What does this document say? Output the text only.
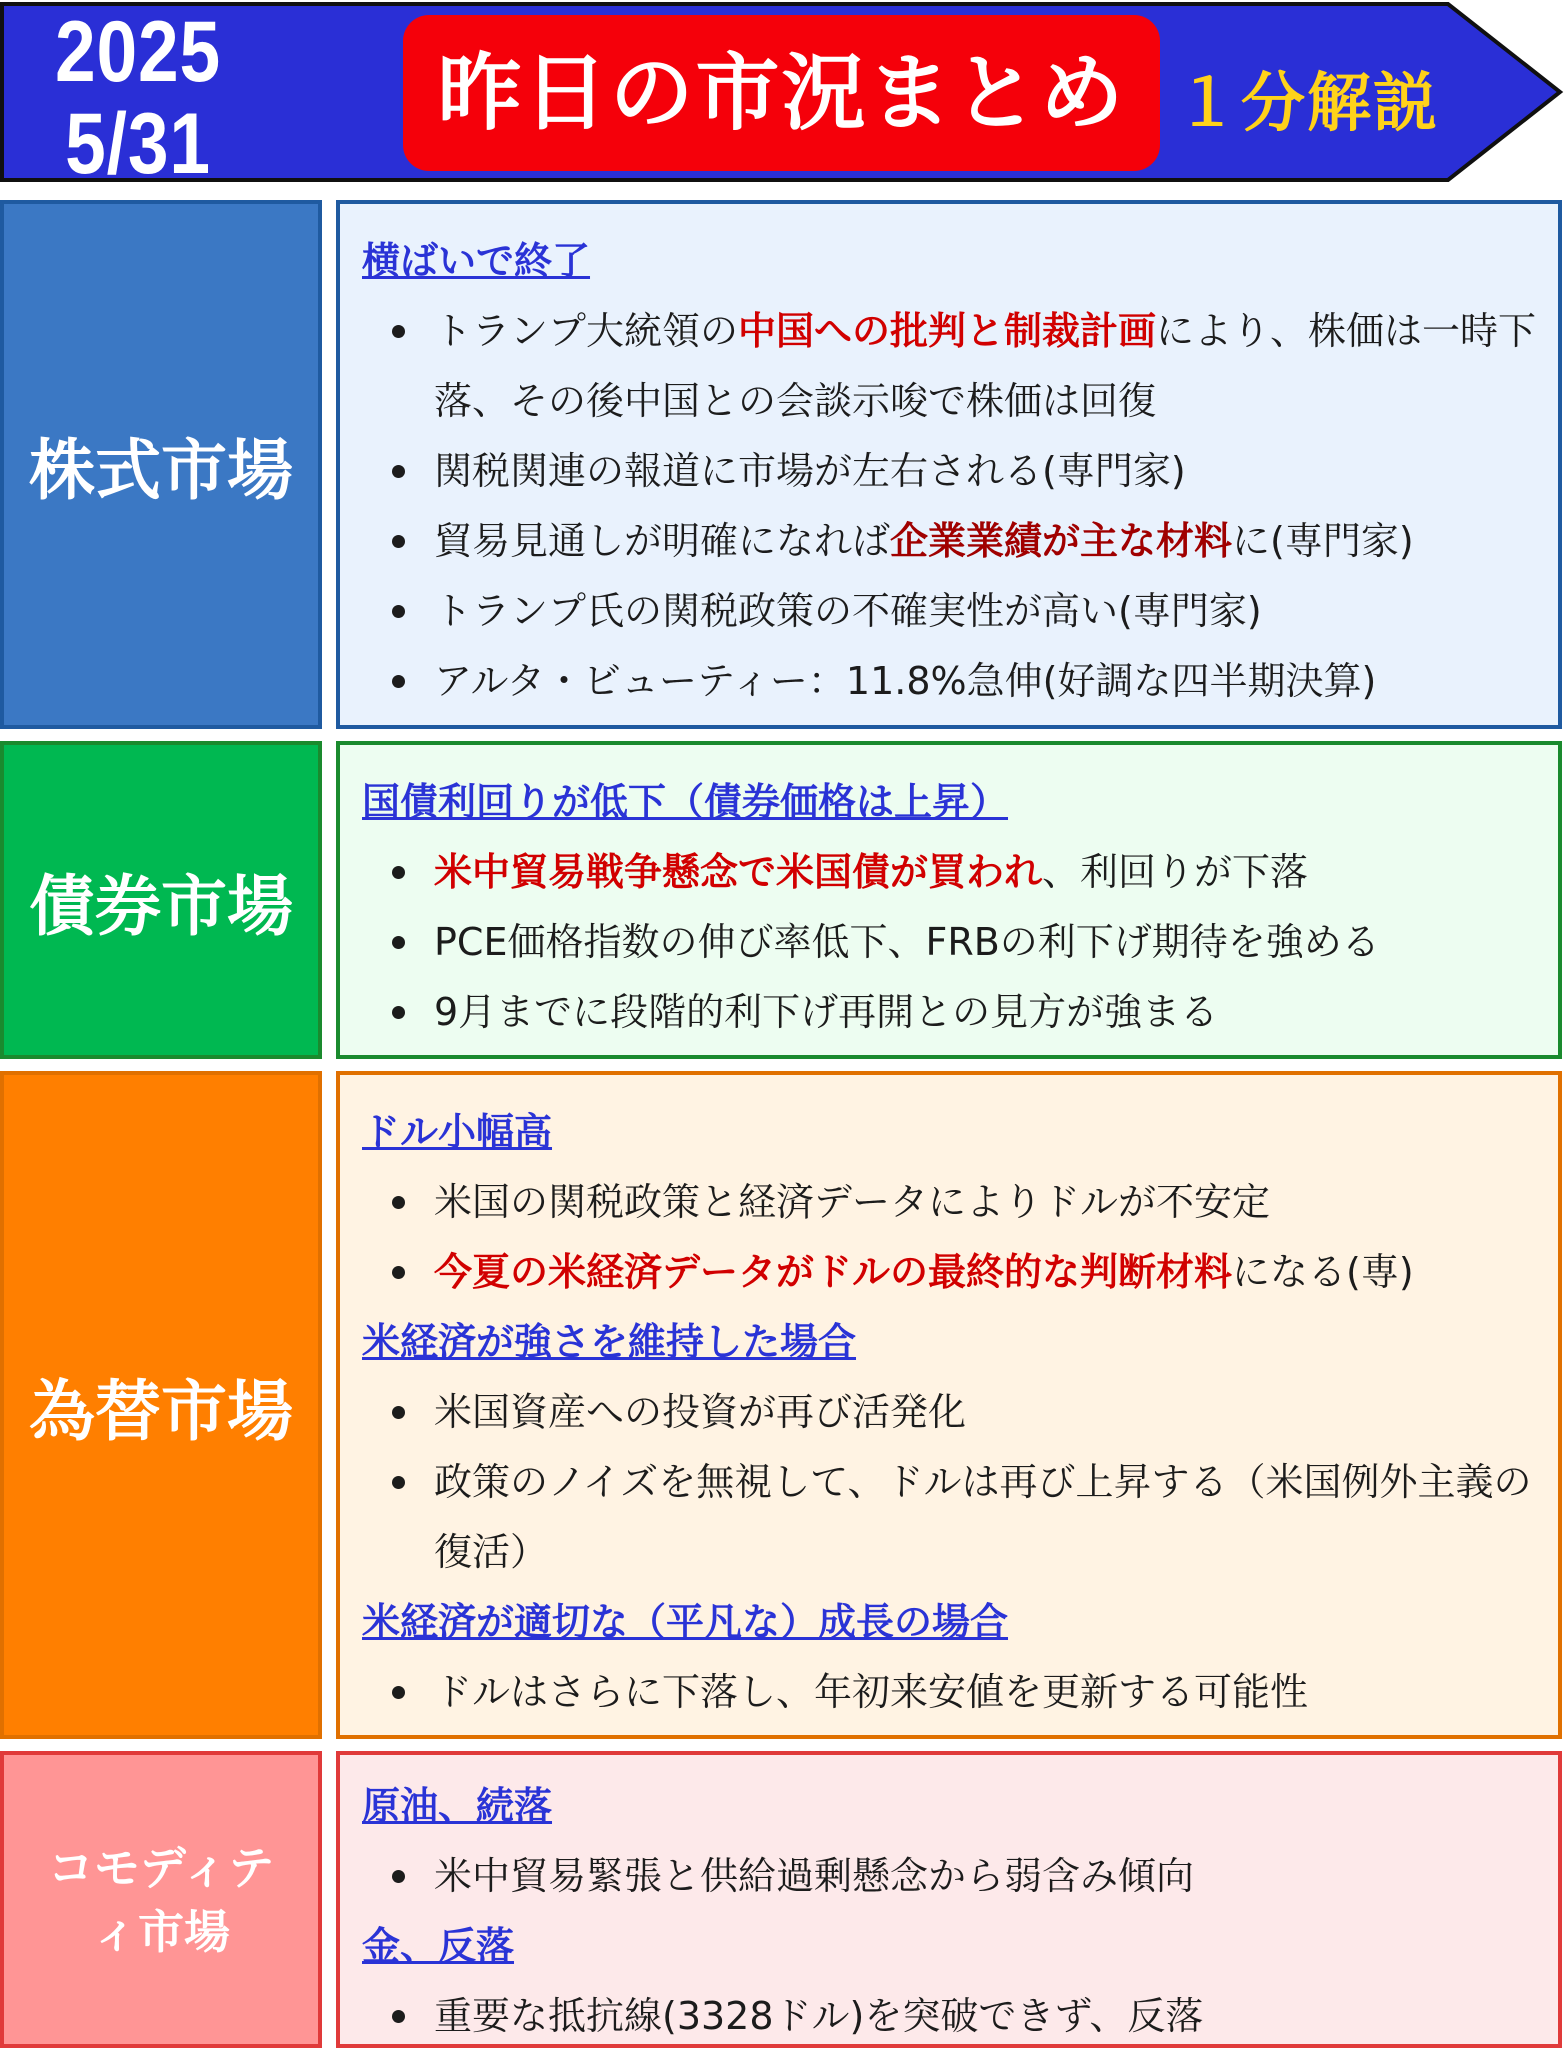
2025
5/31
昨日の市況まとめ １分解説
株式市場
横ばいで終了
トランプ大統領の中国への批判と制裁計画により、株価は一時下落、その後中国との会談示唆で株価は回復
関税関連の報道に市場が左右される(専門家)
貿易見通しが明確になれば企業業績が主な材料に(専門家)
トランプ氏の関税政策の不確実性が高い(専門家)
アルタ・ビューティー：11.8%急伸(好調な四半期決算)
債券市場
国債利回りが低下（債券価格は上昇）
米中貿易戦争懸念で米国債が買われ、利回りが下落
PCE価格指数の伸び率低下、FRBの利下げ期待を強める
9月までに段階的利下げ再開との見方が強まる
為替市場
ドル小幅高
米国の関税政策と経済データによりドルが不安定
今夏の米経済データがドルの最終的な判断材料になる(専)
米経済が強さを維持した場合
米国資産への投資が再び活発化
政策のノイズを無視して、ドルは再び上昇する（米国例外主義の復活）
米経済が適切な（平凡な）成長の場合
ドルはさらに下落し、年初来安値を更新する可能性
コモディテ
ィ市場
原油、続落
米中貿易緊張と供給過剰懸念から弱含み傾向
金、反落
重要な抵抗線(3328ドル)を突破できず、反落
